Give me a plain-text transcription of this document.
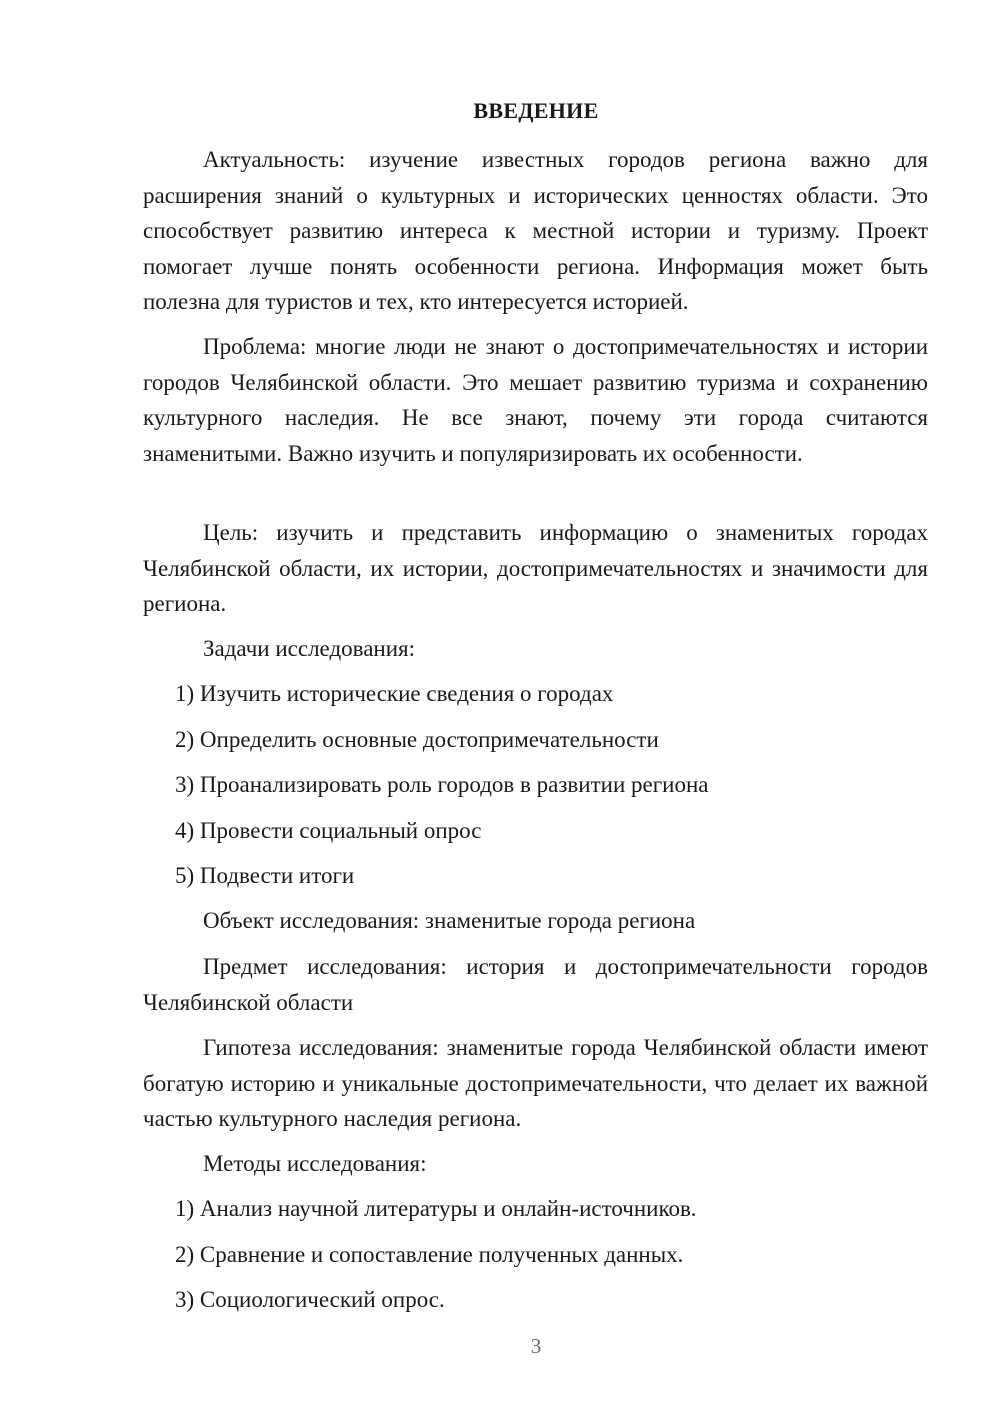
ВВЕДЕНИЕ

Актуальность: изучение известных городов региона важно для расширения знаний о культурных и исторических ценностях области. Это способствует развитию интереса к местной истории и туризму. Проект помогает лучше понять особенности региона. Информация может быть полезна для туристов и тех, кто интересуется историей.

Проблема: многие люди не знают о достопримечательностях и истории городов Челябинской области. Это мешает развитию туризма и сохранению культурного наследия. Не все знают, почему эти города считаются знаменитыми. Важно изучить и популяризировать их особенности.

Цель: изучить и представить информацию о знаменитых городах Челябинской области, их истории, достопримечательностях и значимости для региона.

Задачи исследования:

1) Изучить исторические сведения о городах

2) Определить основные достопримечательности

3) Проанализировать роль городов в развитии региона

4) Провести социальный опрос

5) Подвести итоги

Объект исследования: знаменитые города региона

Предмет исследования: история и достопримечательности городов Челябинской области

Гипотеза исследования: знаменитые города Челябинской области имеют богатую историю и уникальные достопримечательности, что делает их важной частью культурного наследия региона.

Методы исследования:

1) Анализ научной литературы и онлайн-источников.

2) Сравнение и сопоставление полученных данных.

3) Социологический опрос.

3
